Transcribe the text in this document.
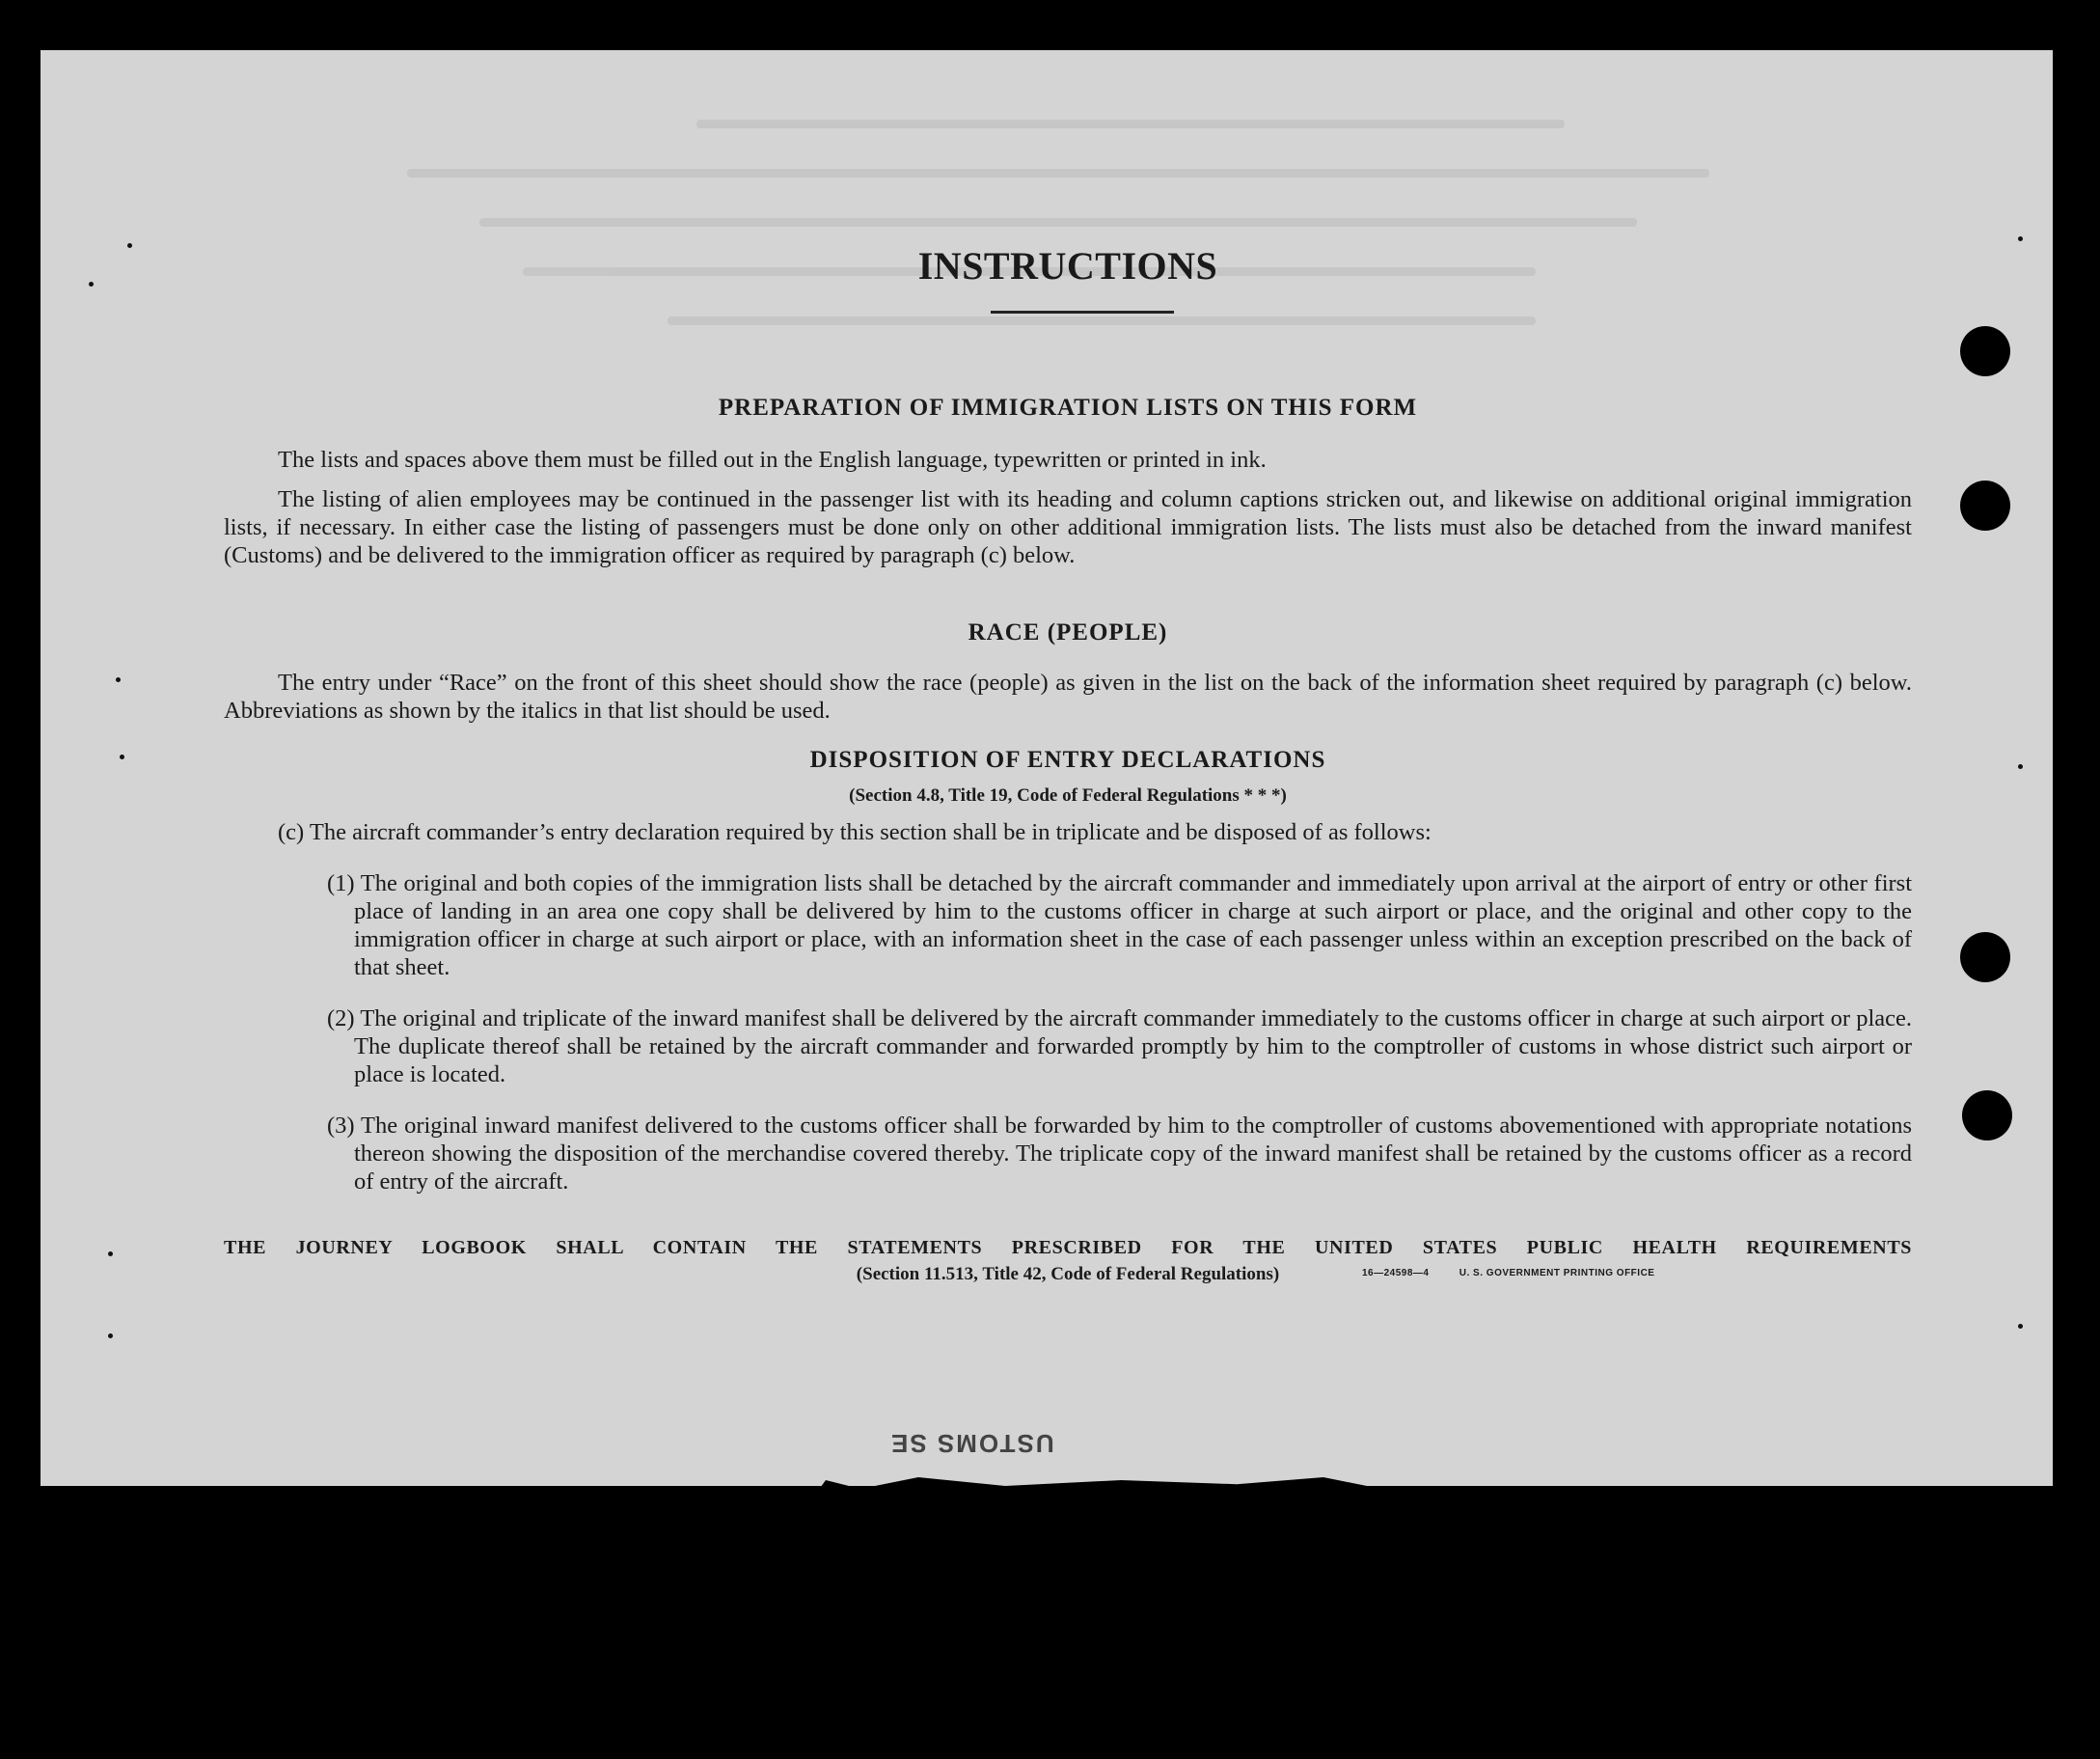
INSTRUCTIONS
PREPARATION OF IMMIGRATION LISTS ON THIS FORM

The lists and spaces above them must be filled out in the English language, typewritten or printed in ink.

The listing of alien employees may be continued in the passenger list with its heading and column captions stricken out, and likewise on additional original immigration lists, if necessary. In either case the listing of passengers must be done only on other additional immigration lists. The lists must also be detached from the inward manifest (Customs) and be delivered to the immigration officer as required by paragraph (c) below.

RACE (PEOPLE)

The entry under “Race” on the front of this sheet should show the race (people) as given in the list on the back of the information sheet required by paragraph (c) below. Abbreviations as shown by the italics in that list should be used.

DISPOSITION OF ENTRY DECLARATIONS

(Section 4.8, Title 19, Code of Federal Regulations * * *)

(c) The aircraft commander’s entry declaration required by this section shall be in triplicate and be disposed of as follows:

(1) The original and both copies of the immigration lists shall be detached by the aircraft commander and immediately upon arrival at the airport of entry or other first place of landing in an area one copy shall be delivered by him to the customs officer in charge at such airport or place, and the original and other copy to the immigration officer in charge at such airport or place, with an information sheet in the case of each passenger unless within an exception prescribed on the back of that sheet.

(2) The original and triplicate of the inward manifest shall be delivered by the aircraft commander immediately to the customs officer in charge at such airport or place. The duplicate thereof shall be retained by the aircraft commander and forwarded promptly by him to the comptroller of customs in whose district such airport or place is located.

(3) The original inward manifest delivered to the customs officer shall be forwarded by him to the comptroller of customs abovementioned with appropriate notations thereon showing the disposition of the merchandise covered thereby. The triplicate copy of the inward manifest shall be retained by the customs officer as a record of entry of the aircraft.

THE JOURNEY LOGBOOK SHALL CONTAIN THE STATEMENTS PRESCRIBED FOR THE UNITED STATES PUBLIC HEALTH REQUIREMENTS

(Section 11.513, Title 42, Code of Federal Regulations)	16—24598—4	U. S. GOVERNMENT PRINTING OFFICE
USTOMS SE
